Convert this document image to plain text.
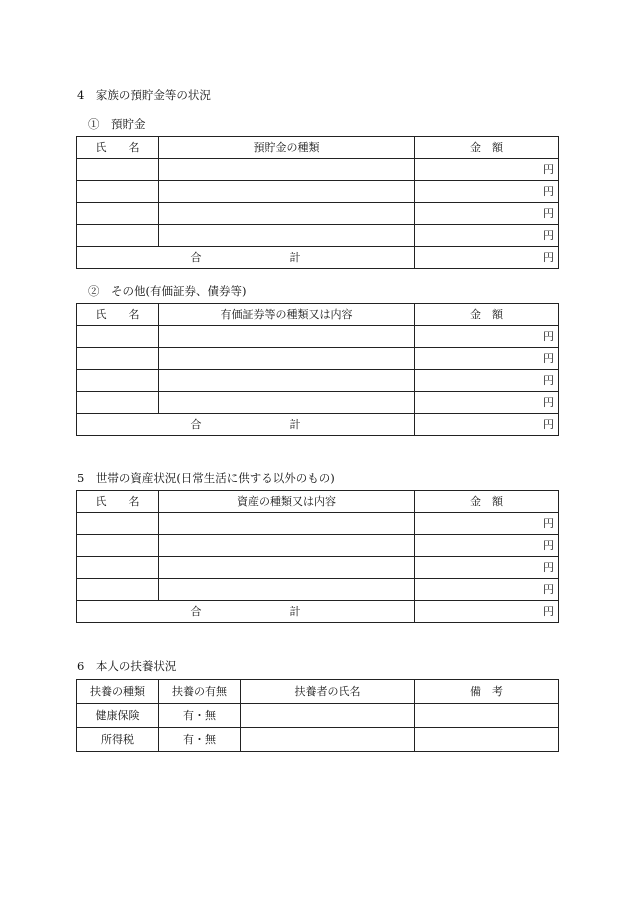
4　家族の預貯金等の状況
①　預貯金
氏　　名	預貯金の種類	金　額
		円
		円
		円
		円
合　　　　　　　　計		円
②　その他(有価証券、債券等)
氏　　名	有価証券等の種類又は内容	金　額
		円
		円
		円
		円
合　　　　　　　　計		円
5　世帯の資産状況(日常生活に供する以外のもの)
氏　　名	資産の種類又は内容	金　額
		円
		円
		円
		円
合　　　　　　　　計		円
6　本人の扶養状況
扶養の種類	扶養の有無	扶養者の氏名	備　考
健康保険	有・無		
所得税	有・無		
